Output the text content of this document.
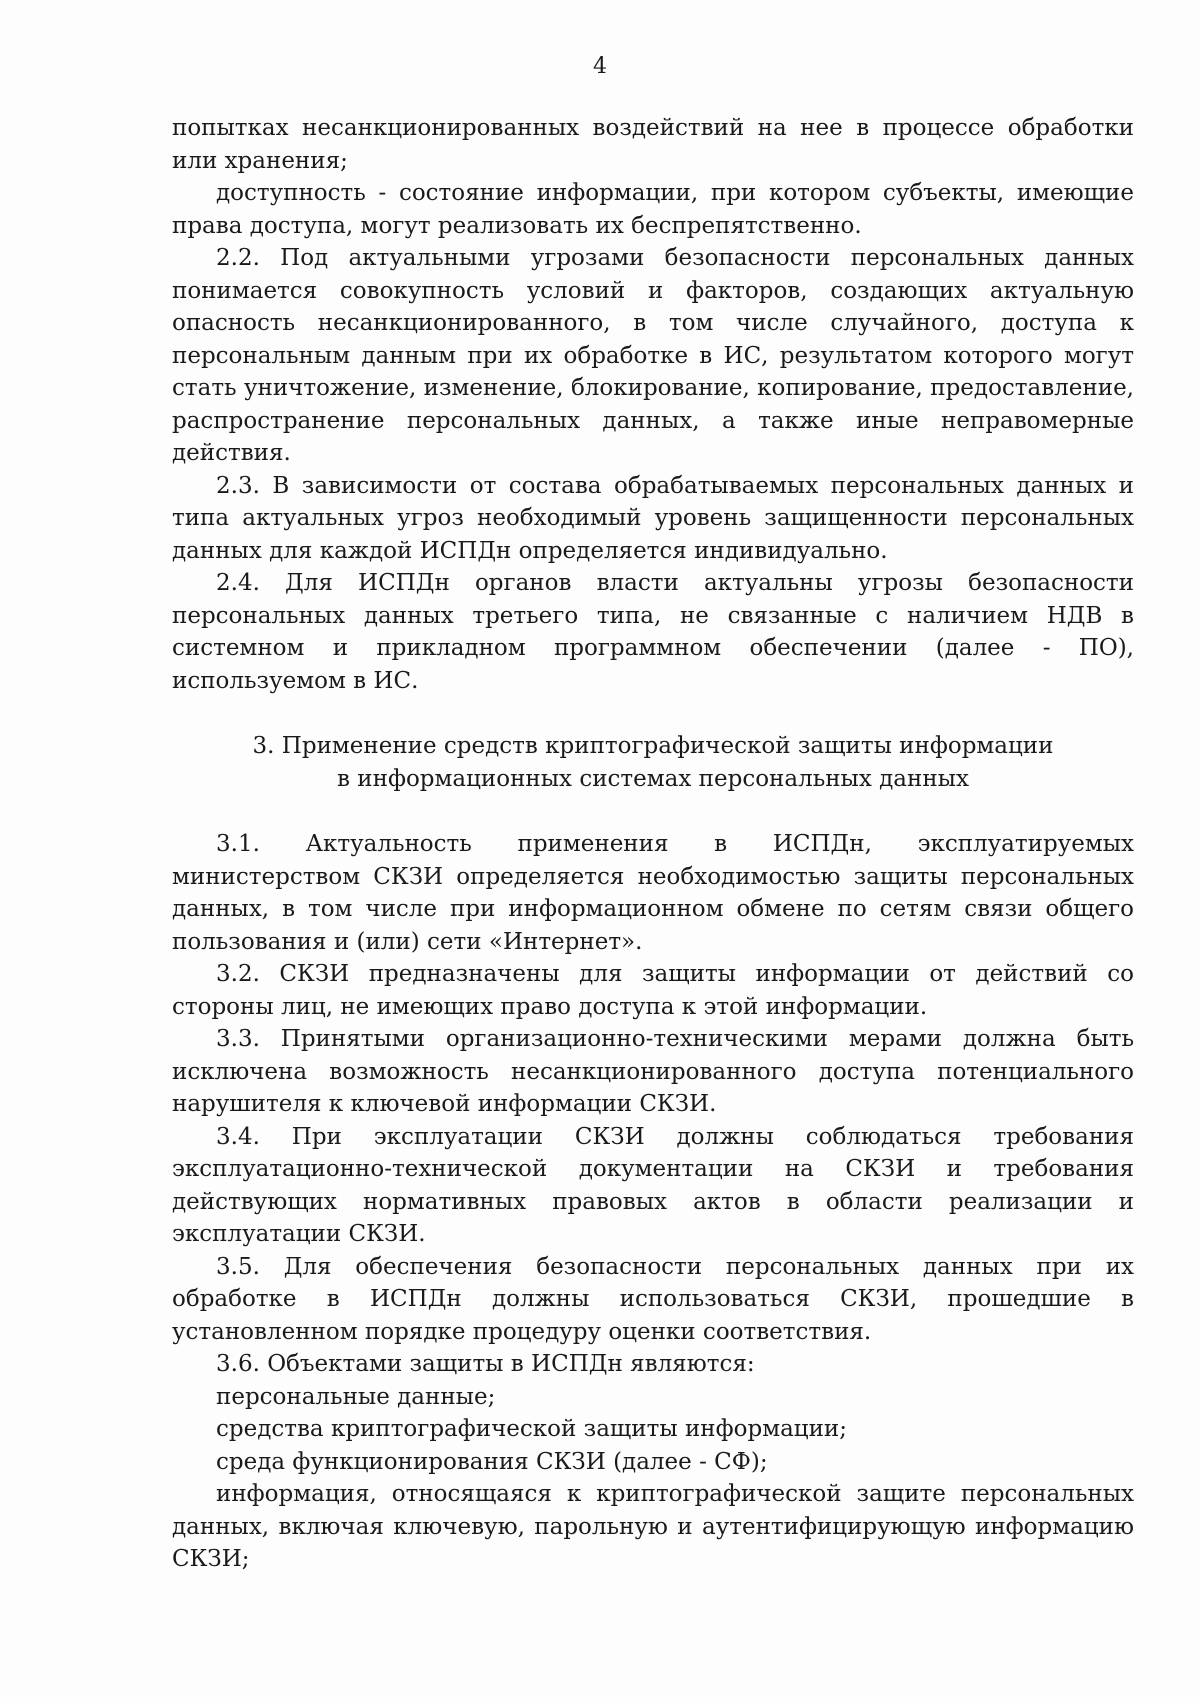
4

попытках несанкционированных воздействий на нее в процессе обработки или хранения;

доступность - состояние информации, при котором субъекты, имеющие права доступа, могут реализовать их беспрепятственно.

2.2. Под актуальными угрозами безопасности персональных данных понимается совокупность условий и факторов, создающих актуальную опасность несанкционированного, в том числе случайного, доступа к персональным данным при их обработке в ИС, результатом которого могут стать уничтожение, изменение, блокирование, копирование, предоставление, распространение персональных данных, а также иные неправомерные действия.

2.3. В зависимости от состава обрабатываемых персональных данных и типа актуальных угроз необходимый уровень защищенности персональных данных для каждой ИСПДн определяется индивидуально.

2.4. Для ИСПДн органов власти актуальны угрозы безопасности персональных данных третьего типа, не связанные с наличием НДВ в системном и прикладном программном обеспечении (далее - ПО), используемом в ИС.

3. Применение средств криптографической защиты информации
в информационных системах персональных данных

3.1. Актуальность применения в ИСПДн, эксплуатируемых министерством СКЗИ определяется необходимостью защиты персональных данных, в том числе при информационном обмене по сетям связи общего пользования и (или) сети «Интернет».

3.2. СКЗИ предназначены для защиты информации от действий со стороны лиц, не имеющих право доступа к этой информации.

3.3. Принятыми организационно-техническими мерами должна быть исключена возможность несанкционированного доступа потенциального нарушителя к ключевой информации СКЗИ.

3.4. При эксплуатации СКЗИ должны соблюдаться требования эксплуатационно-технической документации на СКЗИ и требования действующих нормативных правовых актов в области реализации и эксплуатации СКЗИ.

3.5. Для обеспечения безопасности персональных данных при их обработке в ИСПДн должны использоваться СКЗИ, прошедшие в установленном порядке процедуру оценки соответствия.

3.6. Объектами защиты в ИСПДн являются:

персональные данные;

средства криптографической защиты информации;

среда функционирования СКЗИ (далее - СФ);

информация, относящаяся к криптографической защите персональных данных, включая ключевую, парольную и аутентифицирующую информацию СКЗИ;
